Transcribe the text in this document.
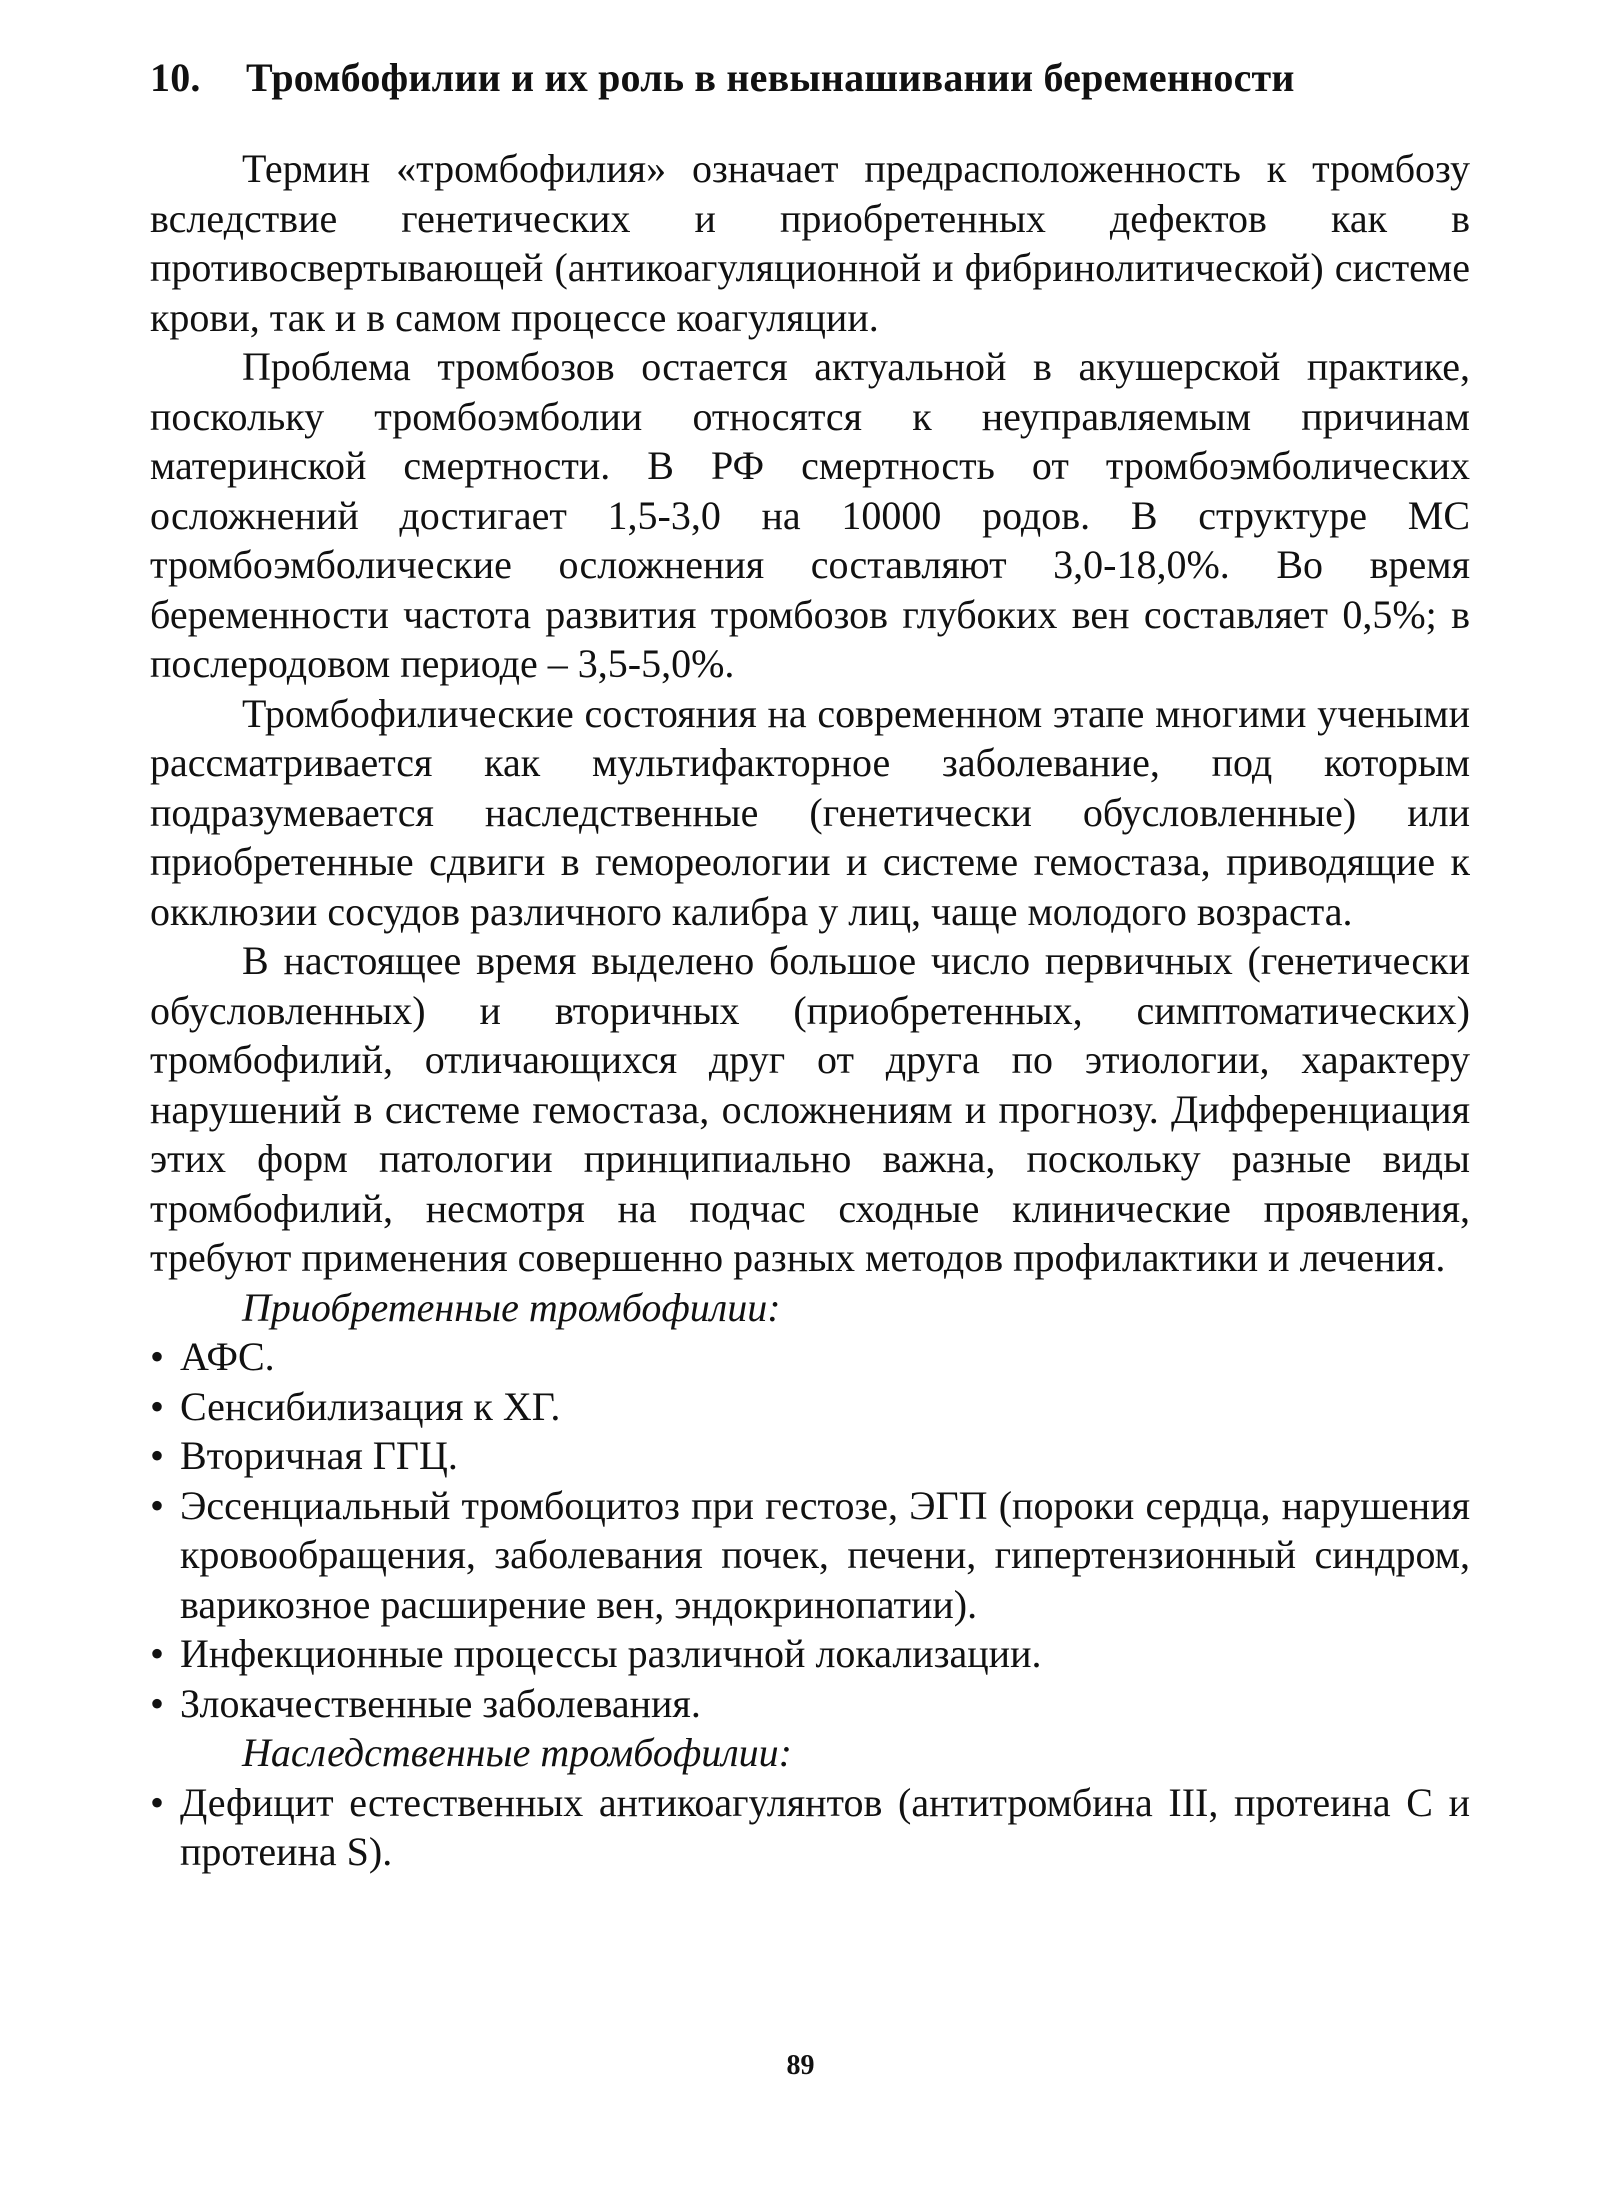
10.	Тромбофилии и их роль в невынашивании беременности

Термин «тромбофилия» означает предрасположенность к тромбозу вследствие генетических и приобретенных дефектов как в противосвертывающей (антикоагуляционной и фибринолитической) системе крови, так и в самом процессе коагуляции.

Проблема тромбозов остается актуальной в акушерской практике, поскольку тромбоэмболии относятся к неуправляемым причинам материнской смертности. В РФ смертность от тромбоэмболических осложнений достигает 1,5-3,0 на 10000 родов. В структуре МС тромбоэмболические осложнения составляют 3,0-18,0%. Во время беременности частота развития тромбозов глубоких вен составляет 0,5%; в послеродовом периоде – 3,5-5,0%.

Тромбофилические состояния на современном этапе многими учеными рассматривается как мультифакторное заболевание, под которым подразумевается наследственные (генетически обусловленные) или приобретенные сдвиги в гемореологии и системе гемостаза, приводящие к окклюзии сосудов различного калибра у лиц, чаще молодого возраста.

В настоящее время выделено большое число первичных (генетически обусловленных) и вторичных (приобретенных, симптоматических) тромбофилий, отличающихся друг от друга по этиологии, характеру нарушений в системе гемостаза, осложнениям и прогнозу. Дифференциация этих форм патологии принципиально важна, поскольку разные виды тромбофилий, несмотря на подчас сходные клинические проявления, требуют применения совершенно разных методов профилактики и лечения.

Приобретенные тромбофилии:

• АФС.
• Сенсибилизация к ХГ.
• Вторичная ГГЦ.
• Эссенциальный тромбоцитоз при гестозе, ЭГП (пороки сердца, нарушения кровообращения, заболевания почек, печени, гипертензионный синдром, варикозное расширение вен, эндокринопатии).
• Инфекционные процессы различной локализации.
• Злокачественные заболевания.

Наследственные тромбофилии:

• Дефицит естественных антикоагулянтов (антитромбина III, протеина С и протеина S).
89
